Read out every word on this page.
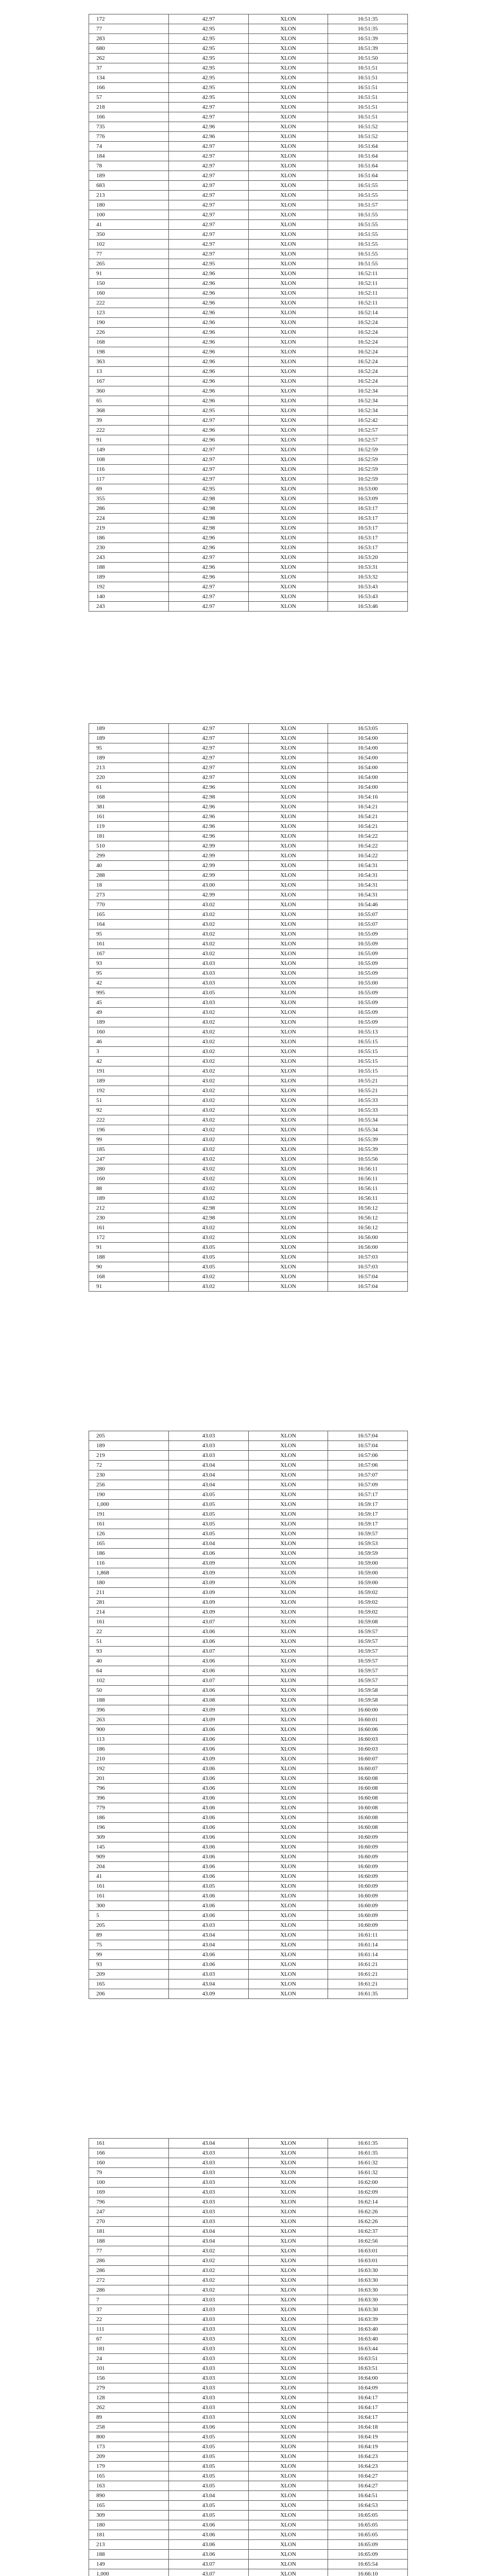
172	42.97	XLON	16:51:35
77	42.95	XLON	16:51:35
283	42.95	XLON	16:51:39
680	42.95	XLON	16:51:39
262	42.95	XLON	16:51:50
37	42.95	XLON	16:51:51
134	42.95	XLON	16:51:51
166	42.95	XLON	16:51:51
57	42.95	XLON	16:51:51
218	42.97	XLON	16:51:51
166	42.97	XLON	16:51:51
735	42.96	XLON	16:51:52
776	42.96	XLON	16:51:52
74	42.97	XLON	16:51:64
184	42.97	XLON	16:51:64
78	42.97	XLON	16:51:64
189	42.97	XLON	16:51:64
683	42.97	XLON	16:51:55
213	42.97	XLON	16:51:55
180	42.97	XLON	16:51:57
100	42.97	XLON	16:51:55
41	42.97	XLON	16:51:55
350	42.97	XLON	16:51:55
102	42.97	XLON	16:51:55
77	42.97	XLON	16:51:55
265	42.95	XLON	16:51:55
91	42.96	XLON	16:52:11
150	42.96	XLON	16:52:11
160	42.96	XLON	16:52:11
222	42.96	XLON	16:52:11
123	42.96	XLON	16:52:14
190	42.96	XLON	16:52:24
226	42.96	XLON	16:52:24
168	42.96	XLON	16:52:24
198	42.96	XLON	16:52:24
363	42.96	XLON	16:52:24
13	42.96	XLON	16:52:24
167	42.96	XLON	16:52:24
360	42.96	XLON	16:52:34
65	42.96	XLON	16:52:34
368	42.95	XLON	16:52:34
39	42.97	XLON	16:52:42
222	42.96	XLON	16:52:57
91	42.96	XLON	16:52:57
149	42.97	XLON	16:52:59
108	42.97	XLON	16:52:59
116	42.97	XLON	16:52:59
117	42.97	XLON	16:52:59
69	42.95	XLON	16:53:00
355	42.98	XLON	16:53:09
286	42.98	XLON	16:53:17
224	42.98	XLON	16:53:17
219	42.98	XLON	16:53:17
186	42.96	XLON	16:53:17
230	42.96	XLON	16:53:17
243	42.97	XLON	16:53:20
188	42.96	XLON	16:53:31
189	42.96	XLON	16:53:32
192	42.97	XLON	16:53:43
140	42.97	XLON	16:53:43
243	42.97	XLON	16:53:46
189	42.97	XLON	16:53:05
189	42.97	XLON	16:54:00
95	42.97	XLON	16:54:00
189	42.97	XLON	16:54:00
213	42.97	XLON	16:54:00
220	42.97	XLON	16:54:00
61	42.96	XLON	16:54:00
168	42.98	XLON	16:54:16
381	42.96	XLON	16:54:21
161	42.96	XLON	16:54:21
119	42.96	XLON	16:54:21
181	42.96	XLON	16:54:22
510	42.99	XLON	16:54:22
299	42.99	XLON	16:54:22
40	42.99	XLON	16:54:31
288	42.99	XLON	16:54:31
18	43.00	XLON	16:54:31
273	42.99	XLON	16:54:31
770	43.02	XLON	16:54:46
165	43.02	XLON	16:55:07
164	43.02	XLON	16:55:07
95	43.02	XLON	16:55:09
161	43.02	XLON	16:55:09
167	43.02	XLON	16:55:09
93	43.03	XLON	16:55:09
95	43.03	XLON	16:55:09
42	43.03	XLON	16:55:00
995	43.05	XLON	16:55:09
45	43.03	XLON	16:55:09
49	43.02	XLON	16:55:09
189	43.02	XLON	16:55:09
160	43.02	XLON	16:55:13
46	43.02	XLON	16:55:15
3	43.02	XLON	16:55:15
42	43.02	XLON	16:55:15
191	43.02	XLON	16:55:15
189	43.02	XLON	16:55:21
192	43.02	XLON	16:55:21
51	43.02	XLON	16:55:33
92	43.02	XLON	16:55:33
222	43.02	XLON	16:55:34
196	43.02	XLON	16:55:34
99	43.02	XLON	16:55:39
185	43.02	XLON	16:55:39
247	43.02	XLON	16:55:56
280	43.02	XLON	16:56:11
160	43.02	XLON	16:56:11
88	43.02	XLON	16:56:11
189	43.02	XLON	16:56:11
212	42.98	XLON	16:56:12
230	42.98	XLON	16:56:12
161	43.02	XLON	16:56:12
172	43.02	XLON	16:56:00
91	43.05	XLON	16:56:00
188	43.05	XLON	16:57:03
90	43.05	XLON	16:57:03
168	43.02	XLON	16:57:04
91	43.02	XLON	16:57:04
205	43.03	XLON	16:57:04
189	43.03	XLON	16:57:04
219	43.03	XLON	16:57:06
72	43.04	XLON	16:57:06
230	43.04	XLON	16:57:07
256	43.04	XLON	16:57:09
190	43.05	XLON	16:57:17
1,000	43.05	XLON	16:59:17
191	43.05	XLON	16:59:17
161	43.05	XLON	16:59:17
126	43.05	XLON	16:59:57
165	43.04	XLON	16:59:53
186	43.06	XLON	16:59:59
116	43.09	XLON	16:59:00
1,868	43.09	XLON	16:59:00
180	43.09	XLON	16:59:00
211	43.09	XLON	16:59:02
281	43.09	XLON	16:59:02
214	43.09	XLON	16:59:02
161	43.07	XLON	16:59:08
22	43.06	XLON	16:59:57
51	43.06	XLON	16:59:57
93	43.07	XLON	16:59:57
40	43.06	XLON	16:59:57
64	43.06	XLON	16:59:57
102	43.07	XLON	16:59:57
50	43.06	XLON	16:59:58
188	43.08	XLON	16:59:58
396	43.09	XLON	16:60:00
263	43.09	XLON	16:60:01
900	43.06	XLON	16:60:06
113	43.06	XLON	16:60:03
186	43.06	XLON	16:60:03
210	43.09	XLON	16:60:07
192	43.06	XLON	16:60:07
201	43.06	XLON	16:60:08
796	43.06	XLON	16:60:08
396	43.06	XLON	16:60:08
779	43.06	XLON	16:60:08
186	43.06	XLON	16:60:08
196	43.06	XLON	16:60:08
309	43.06	XLON	16:60:09
145	43.06	XLON	16:60:09
909	43.06	XLON	16:60:09
204	43.06	XLON	16:60:09
41	43.06	XLON	16:60:09
161	43.05	XLON	16:60:09
161	43.06	XLON	16:60:09
300	43.06	XLON	16:60:09
5	43.06	XLON	16:60:09
205	43.03	XLON	16:60:09
89	43.04	XLON	16:61:11
75	43.04	XLON	16:61:14
99	43.06	XLON	16:61:14
93	43.06	XLON	16:61:21
209	43.03	XLON	16:61:21
165	43.04	XLON	16:61:21
206	43.09	XLON	16:61:35
161	43.04	XLON	16:61:35
166	43.03	XLON	16:61:35
160	43.03	XLON	16:61:32
79	43.03	XLON	16:61:32
100	43.03	XLON	16:62:00
169	43.03	XLON	16:62:09
796	43.03	XLON	16:62:14
247	43.03	XLON	16:62:26
270	43.03	XLON	16:62:26
181	43.04	XLON	16:62:37
188	43.04	XLON	16:62:56
77	43.02	XLON	16:63:01
286	43.02	XLON	16:63:01
286	43.02	XLON	16:63:30
272	43.02	XLON	16:63:30
286	43.02	XLON	16:63:30
7	43.03	XLON	16:63:30
37	43.03	XLON	16:63:30
22	43.03	XLON	16:63:39
111	43.03	XLON	16:63:40
67	43.03	XLON	16:63:40
181	43.03	XLON	16:63:44
24	43.03	XLON	16:63:51
101	43.03	XLON	16:63:51
156	43.03	XLON	16:64:00
279	43.03	XLON	16:64:09
128	43.03	XLON	16:64:17
262	43.03	XLON	16:64:17
89	43.03	XLON	16:64:17
258	43.06	XLON	16:64:18
800	43.05	XLON	16:64:19
173	43.05	XLON	16:64:19
209	43.05	XLON	16:64:23
179	43.05	XLON	16:64:23
165	43.05	XLON	16:64:27
163	43.05	XLON	16:64:27
890	43.04	XLON	16:64:51
165	43.05	XLON	16:64:53
309	43.05	XLON	16:65:05
180	43.06	XLON	16:65:05
181	43.06	XLON	16:65:05
213	43.06	XLON	16:65:09
188	43.06	XLON	16:65:09
149	43.07	XLON	16:65:54
1,000	43.07	XLON	16:66:10
